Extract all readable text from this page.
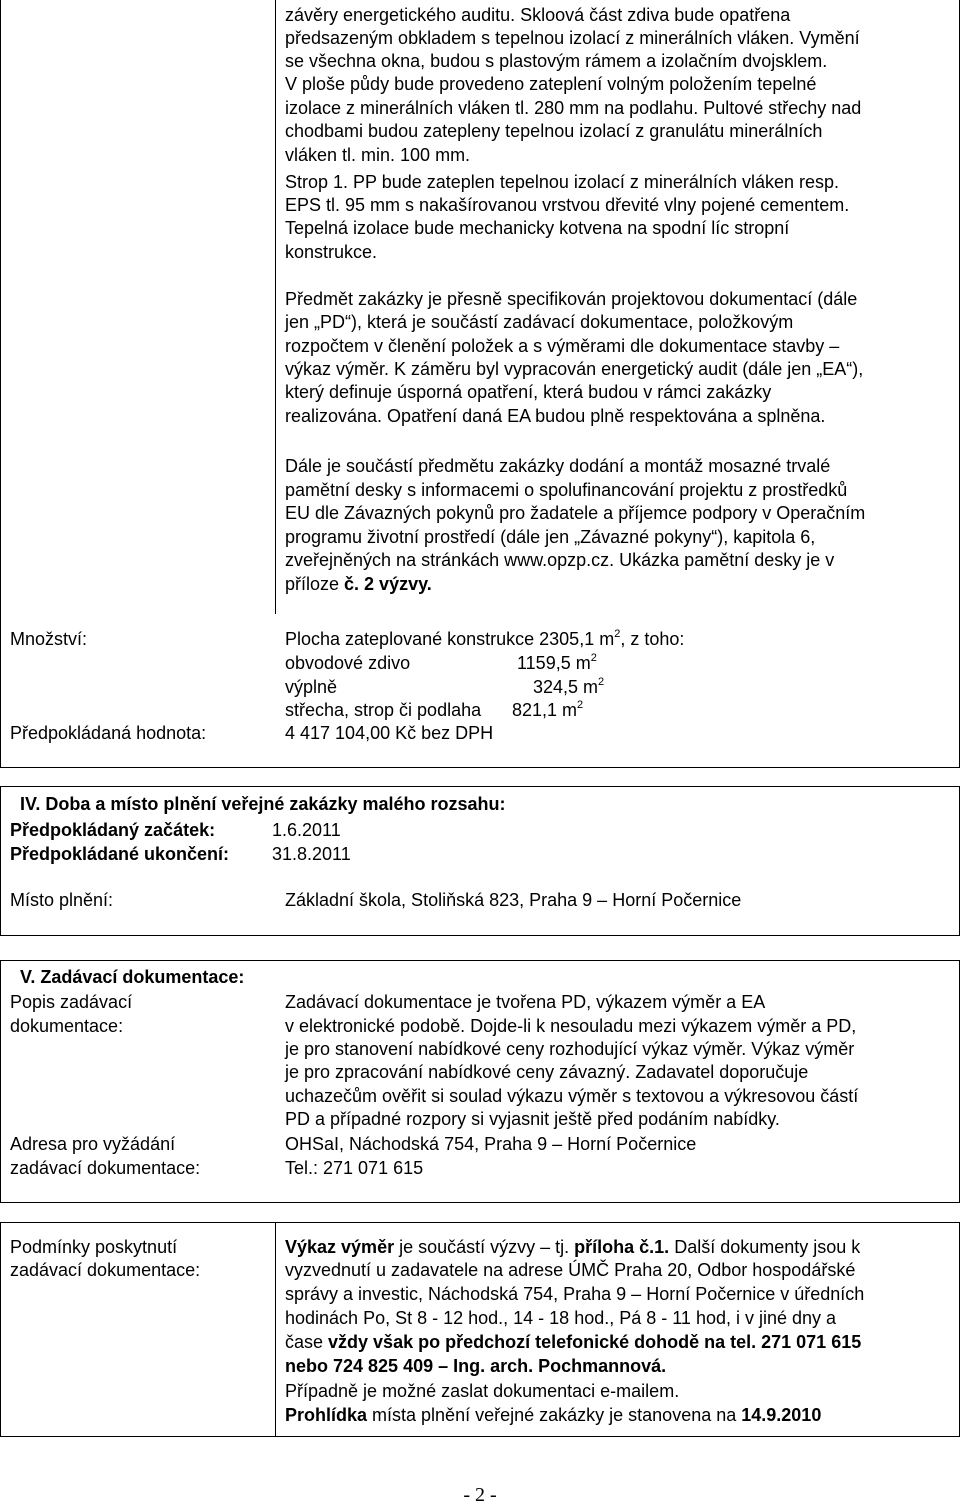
závěry energetického auditu. Skloová část zdiva bude opatřena
předsazeným obkladem s tepelnou izolací z minerálních vláken. Vymění
se všechna okna, budou s plastovým rámem a izolačním dvojsklem.
V ploše půdy bude provedeno zateplení volným položením tepelné
izolace z minerálních vláken tl. 280 mm na podlahu. Pultové střechy nad
chodbami budou zatepleny tepelnou izolací z granulátu minerálních
vláken tl. min. 100 mm.
Strop 1. PP bude zateplen tepelnou izolací z minerálních vláken resp.
EPS tl. 95 mm s nakašírovanou vrstvou dřevité vlny pojené cementem.
Tepelná izolace bude mechanicky kotvena na spodní líc stropní
konstrukce.
Předmět zakázky je přesně specifikován projektovou dokumentací (dále
jen „PD“), která je součástí zadávací dokumentace, položkovým
rozpočtem v členění položek a s výměrami dle dokumentace stavby –
výkaz výměr. K záměru byl vypracován energetický audit (dále jen „EA“),
který definuje úsporná opatření, která budou v rámci zakázky
realizována. Opatření daná EA budou plně respektována a splněna.
Dále je součástí předmětu zakázky dodání a montáž mosazné trvalé
pamětní desky s informacemi o spolufinancování projektu z prostředků
EU dle Závazných pokynů pro žadatele a příjemce podpory v Operačním
programu životní prostředí (dále jen „Závazné pokyny“), kapitola 6,
zveřejněných na stránkách www.opzp.cz. Ukázka pamětní desky je v
příloze č. 2 výzvy.
Množství:	Plocha zateplované konstrukce 2305,1 $m^2$, z toho:
obvodové zdivo	1159,5 $m^2$
výplně	324,5 $m^2$
střecha, strop či podlaha 821,1 $m^2$
Předpokládaná hodnota:	4 417 104,00 Kč bez DPH
IV. Doba a místo plnění veřejné zakázky malého rozsahu:
Předpokládaný začátek:	1.6.2011
Předpokládané ukončení: 31.8.2011
Místo plnění:	Základní škola, Stoliňská 823, Praha 9 – Horní Počernice
V. Zadávací dokumentace:
Popis zadávací
dokumentace:
Zadávací dokumentace je tvořena PD, výkazem výměr a EA
v elektronické podobě. Dojde-li k nesouladu mezi výkazem výměr a PD,
je pro stanovení nabídkové ceny rozhodující výkaz výměr. Výkaz výměr
je pro zpracování nabídkové ceny závazný. Zadavatel doporučuje
uchazečům ověřit si soulad výkazu výměr s textovou a výkresovou částí
PD a případné rozpory si vyjasnit ještě před podáním nabídky.
Adresa pro vyžádání
zadávací dokumentace:
OHSaI, Náchodská 754, Praha 9 – Horní Počernice
Tel.: 271 071 615
Podmínky poskytnutí
zadávací dokumentace:
Výkaz výměr je součástí výzvy – tj. příloha č.1. Další dokumenty jsou k
vyzvednutí u zadavatele na adrese ÚMČ Praha 20, Odbor hospodářské
správy a investic, Náchodská 754, Praha 9 – Horní Počernice v úředních
hodinách Po, St 8 - 12 hod., 14 - 18 hod., Pá 8 - 11 hod, i v jiné dny a
čase vždy však po předchozí telefonické dohodě na tel. 271 071 615
nebo 724 825 409 – Ing. arch. Pochmannová.
Případně je možné zaslat dokumentaci e-mailem.
Prohlídka místa plnění veřejné zakázky je stanovena na 14.9.2010
- 2 -
